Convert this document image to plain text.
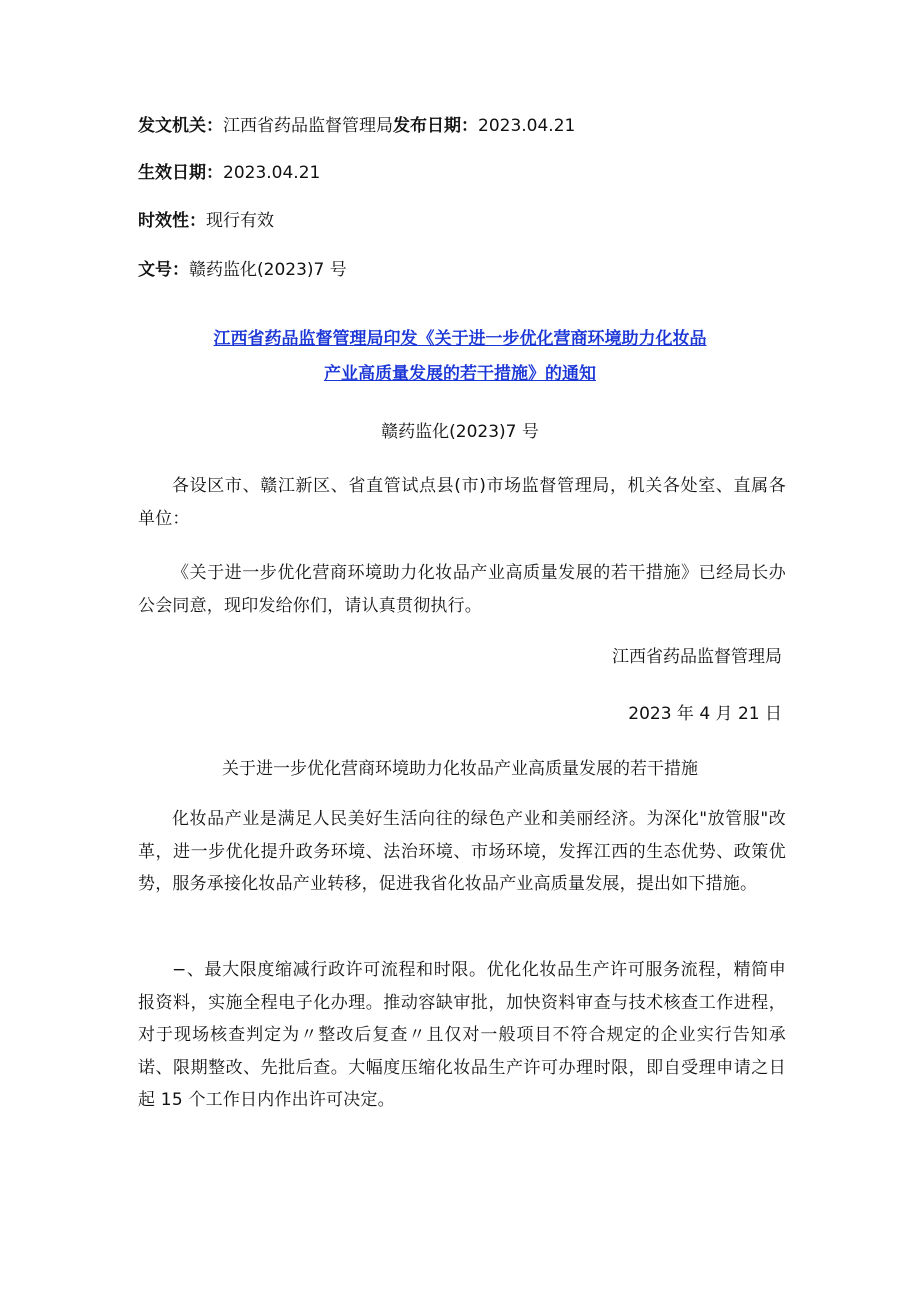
发文机关：江西省药品监督管理局发布日期：2023.04.21
生效日期：2023.04.21
时效性：现行有效
文号：赣药监化(2023)7 号
江西省药品监督管理局印发《关于进一步优化营商环境助力化妆品
产业高质量发展的若干措施》的通知
赣药监化(2023)7 号

各设区市、赣江新区、省直管试点县(市)市场监督管理局，机关各处室、直属各单位：

《关于进一步优化营商环境助力化妆品产业高质量发展的若干措施》已经局长办公会同意，现印发给你们，请认真贯彻执行。

江西省药品监督管理局
2023 年 4 月 21 日
关于进一步优化营商环境助力化妆品产业高质量发展的若干措施

化妆品产业是满足人民美好生活向往的绿色产业和美丽经济。为深化"放管服"改革，进一步优化提升政务环境、法治环境、市场环境，发挥江西的生态优势、政策优势，服务承接化妆品产业转移，促进我省化妆品产业高质量发展，提出如下措施。

−、最大限度缩减行政许可流程和时限。优化化妆品生产许可服务流程，精简申报资料，实施全程电子化办理。推动容缺审批，加快资料审查与技术核查工作进程，对于现场核查判定为〃整改后复查〃且仅对一般项目不符合规定的企业实行告知承诺、限期整改、先批后查。大幅度压缩化妆品生产许可办理时限，即自受理申请之日起 15 个工作日内作出许可决定。
